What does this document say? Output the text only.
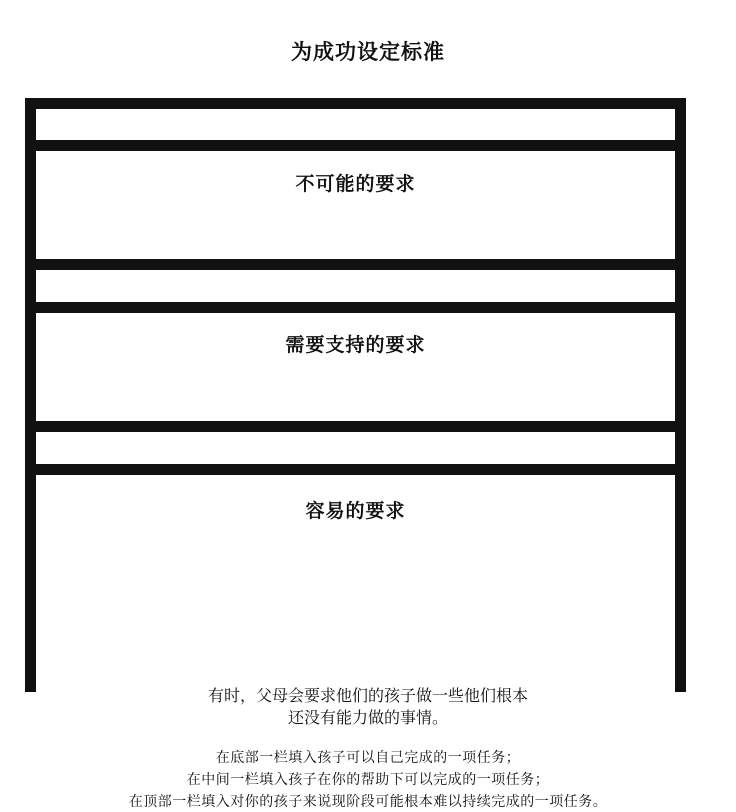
为成功设定标准
不可能的要求
需要支持的要求
容易的要求
有时，父母会要求他们的孩子做一些他们根本
还没有能力做的事情。
在底部一栏填入孩子可以自己完成的一项任务；
在中间一栏填入孩子在你的帮助下可以完成的一项任务；
在顶部一栏填入对你的孩子来说现阶段可能根本难以持续完成的一项任务。
